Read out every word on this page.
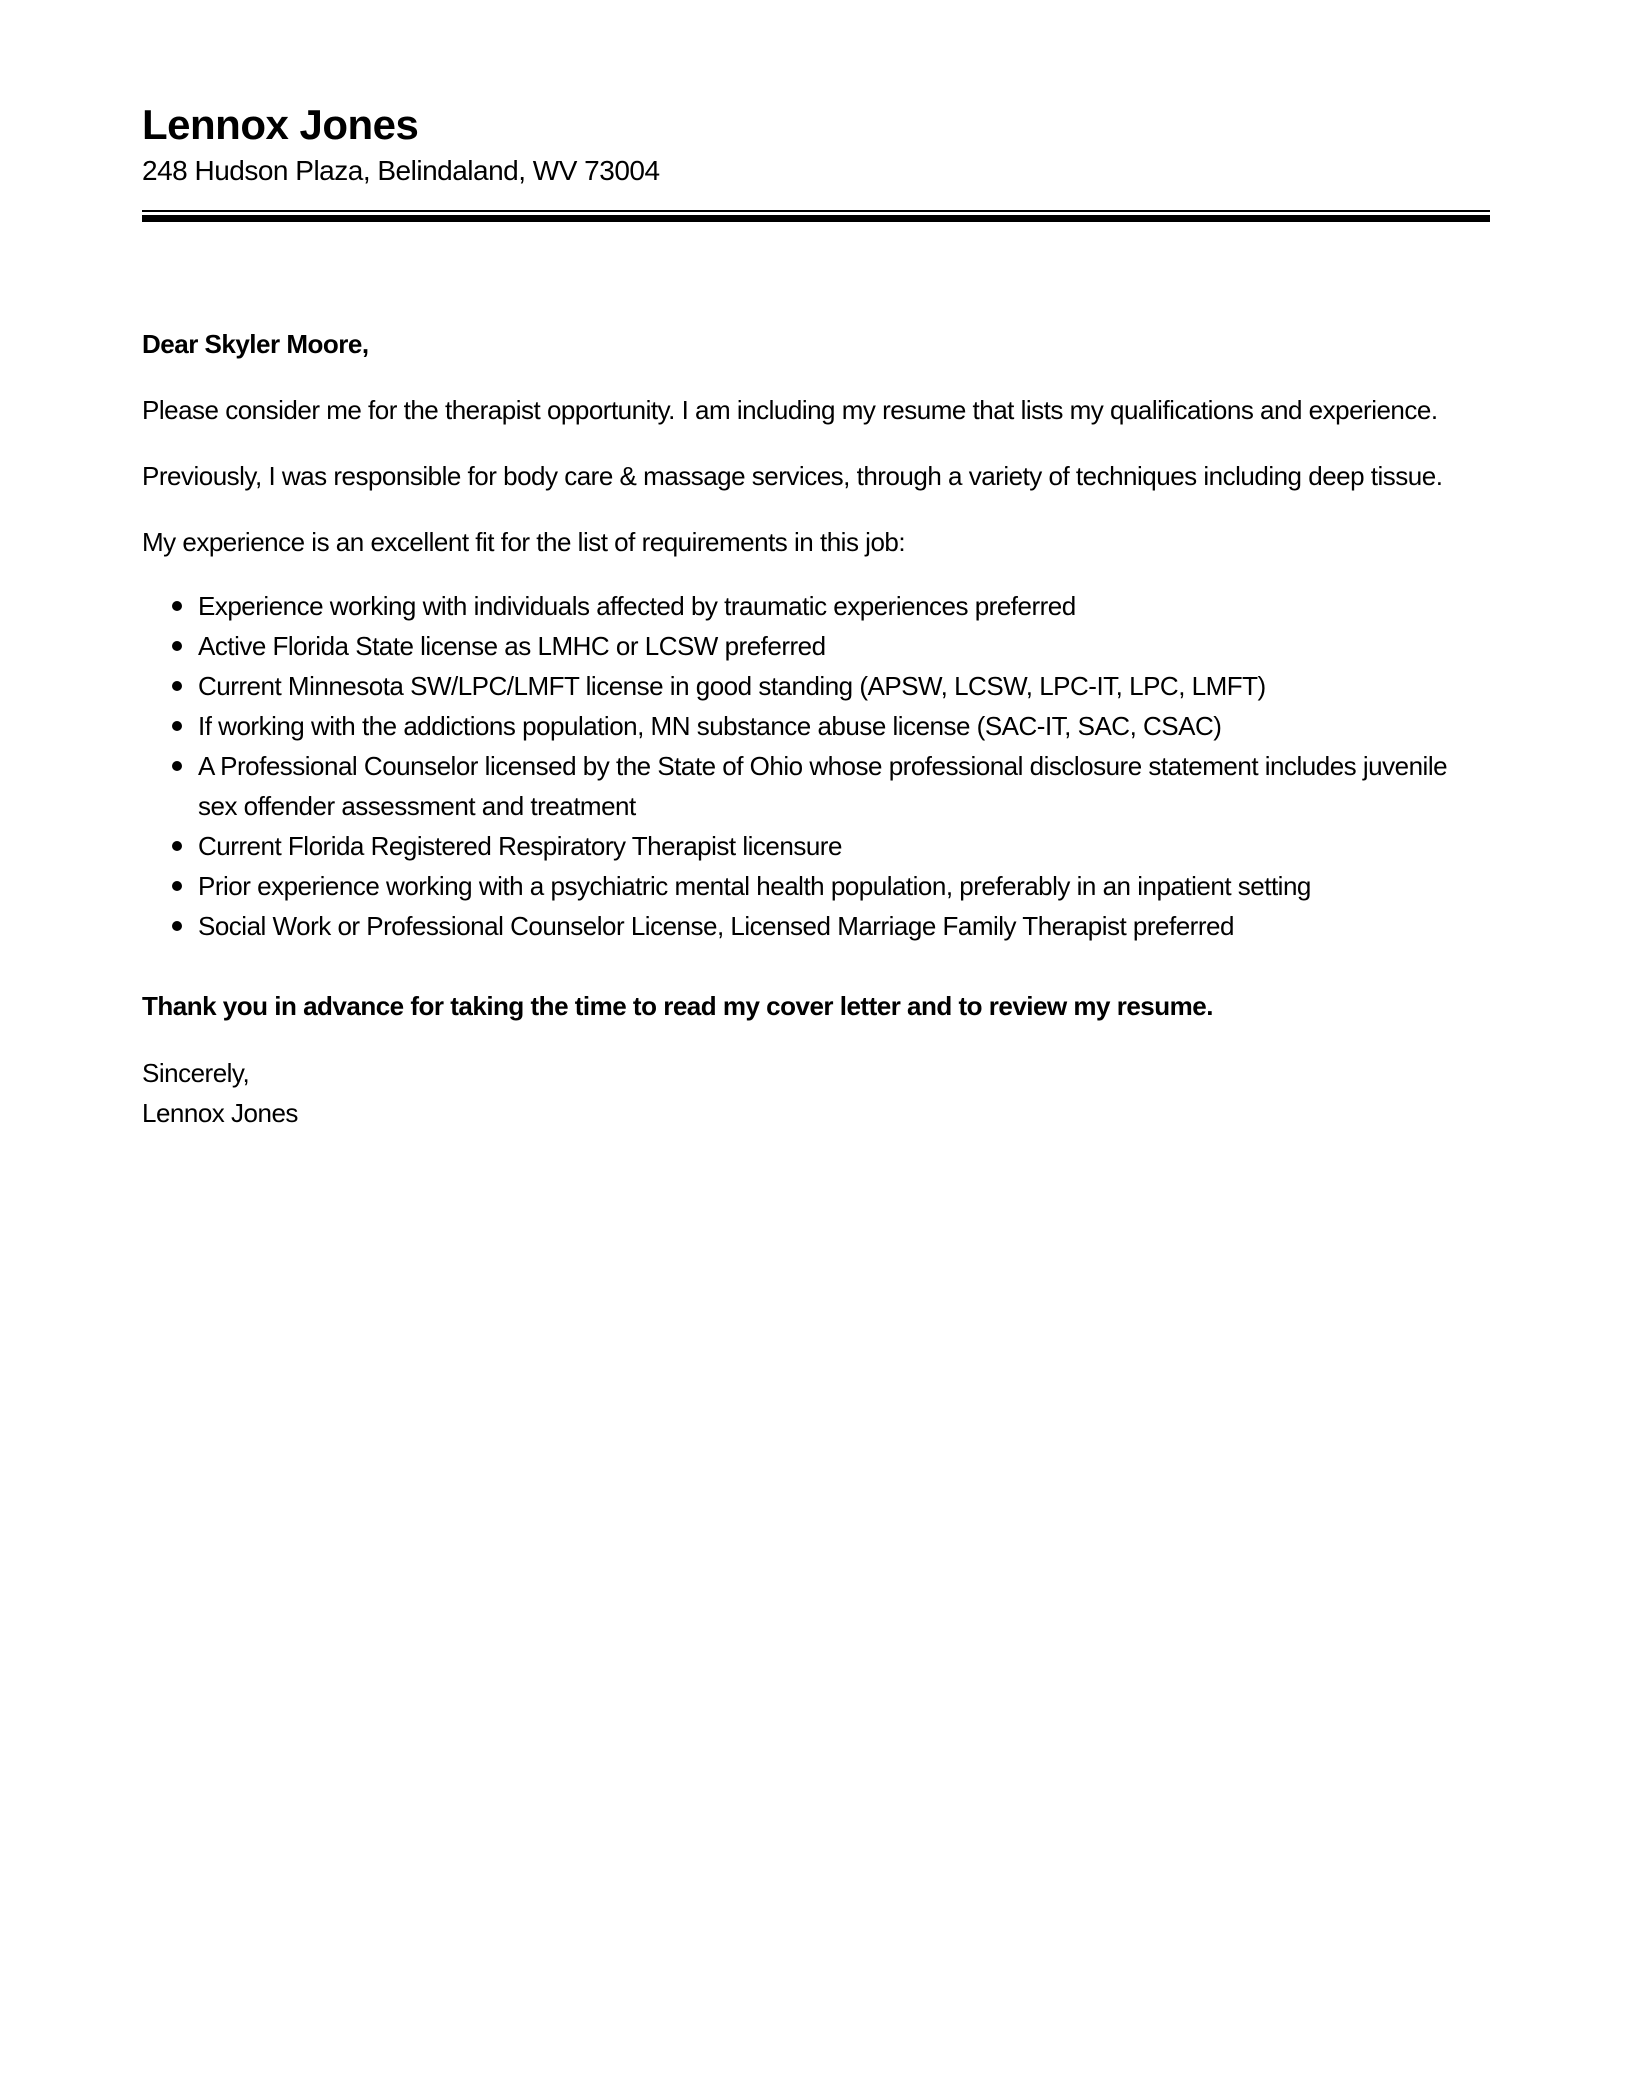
Lennox Jones
248 Hudson Plaza, Belindaland, WV 73004

Dear Skyler Moore,

Please consider me for the therapist opportunity. I am including my resume that lists my qualifications and experience.

Previously, I was responsible for body care & massage services, through a variety of techniques including deep tissue.

My experience is an excellent fit for the list of requirements in this job:

Experience working with individuals affected by traumatic experiences preferred
Active Florida State license as LMHC or LCSW preferred
Current Minnesota SW/LPC/LMFT license in good standing (APSW, LCSW, LPC-IT, LPC, LMFT)
If working with the addictions population, MN substance abuse license (SAC-IT, SAC, CSAC)
A Professional Counselor licensed by the State of Ohio whose professional disclosure statement includes juvenile sex offender assessment and treatment
Current Florida Registered Respiratory Therapist licensure
Prior experience working with a psychiatric mental health population, preferably in an inpatient setting
Social Work or Professional Counselor License, Licensed Marriage Family Therapist preferred

Thank you in advance for taking the time to read my cover letter and to review my resume.

Sincerely,
Lennox Jones
